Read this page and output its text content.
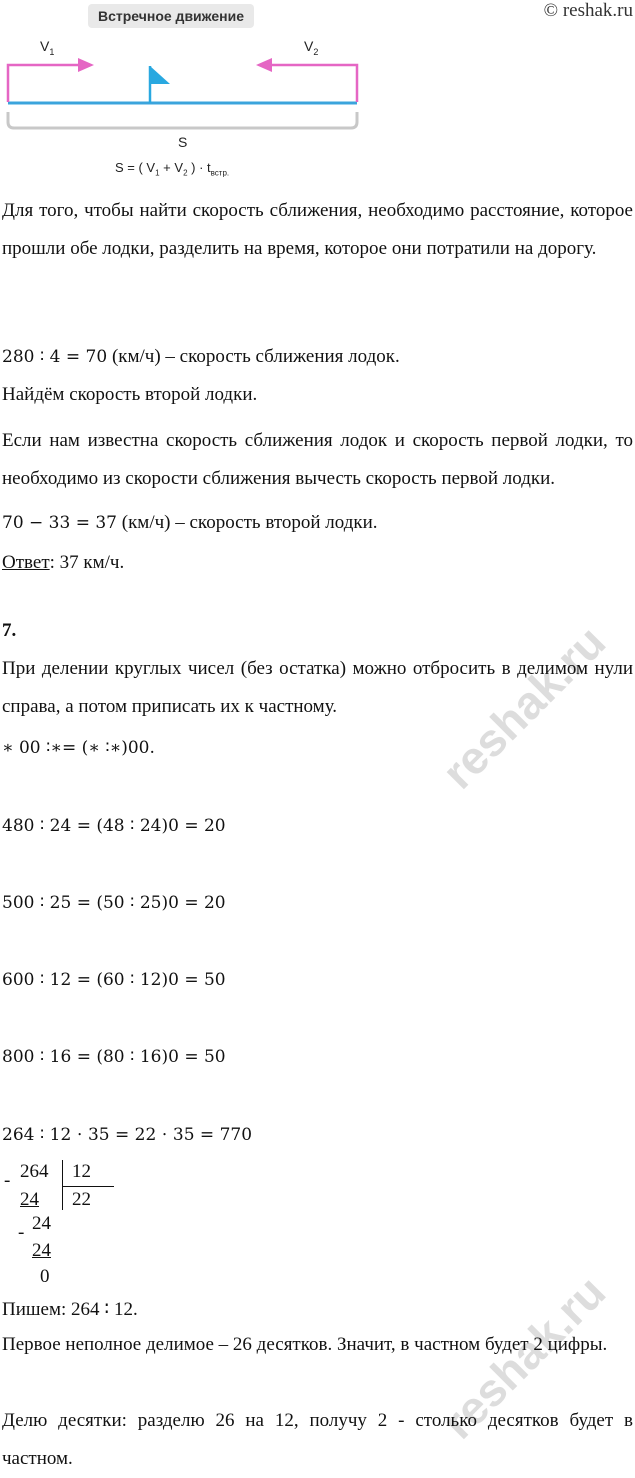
reshak.ru
reshak.ru
© reshak.ru
Встречное движение
$V_1$	$V_2$
S
S = ( $V_1 + V_2$ ) · $t_{встр.}$

Для того, чтобы найти скорость сближения, необходимо расстояние, которое прошли обе лодки, разделить на время, которое они потратили на дорогу.

280 ∶ 4 = 70 (км/ч) – скорость сближения лодок.
Найдём скорость второй лодки.

Если нам известна скорость сближения лодок и скорость первой лодки, то необходимо из скорости сближения вычесть скорость первой лодки.

70 − 33 = 37 (км/ч) – скорость второй лодки.
Ответ: 37 км/ч.
7.

При делении круглых чисел (без остатка) можно отбросить в делимом нули справа, а потом приписать их к частному.

∗ 00 ∶∗= (∗ ∶∗)00.
480 ∶ 24 = (48 ∶ 24)0 = 20
500 ∶ 25 = (50 ∶ 25)0 = 20
600 ∶ 12 = (60 ∶ 12)0 = 50
800 ∶ 16 = (80 ∶ 16)0 = 50
264 ∶ 12 ⋅ 35 = 22 ⋅ 35 = 770
- 264 12
24 22
- 24
24
0
Пишем: 264 ∶ 12.

Первое неполное делимое – 26 десятков. Значит, в частном будет 2 цифры.

Делю десятки: разделю 26 на 12, получу 2 - столько десятков будет в частном.
